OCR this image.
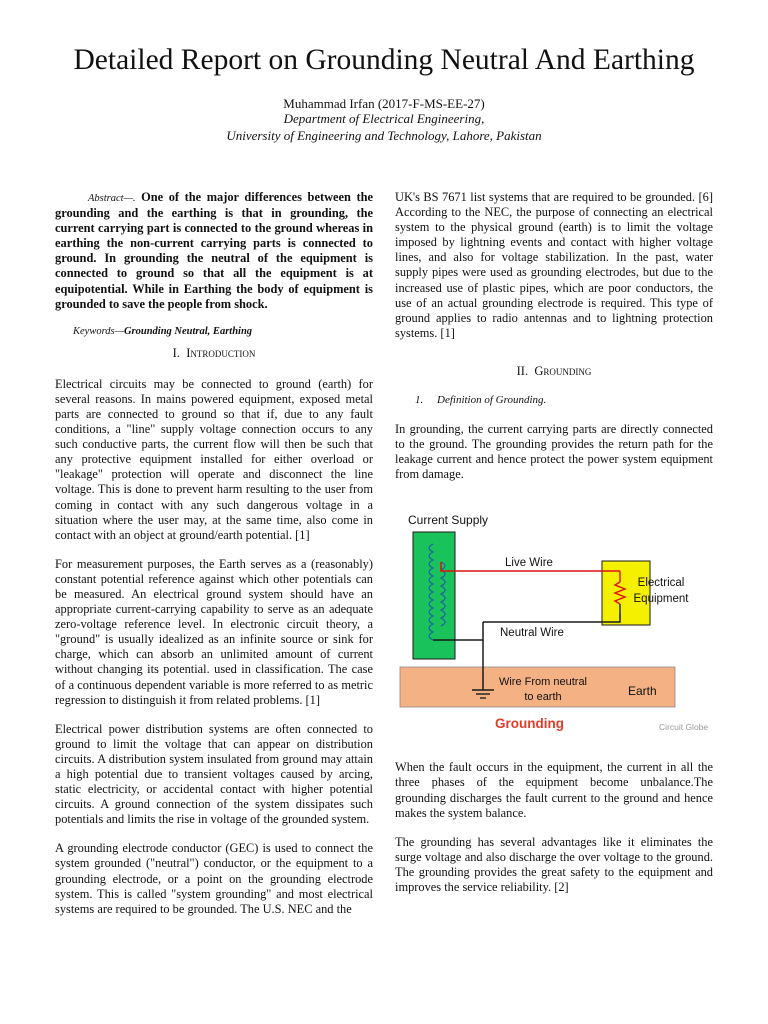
Detailed Report on Grounding Neutral And Earthing
Muhammad Irfan (2017-F-MS-EE-27)
Department of Electrical Engineering,
University of Engineering and Technology, Lahore, Pakistan

Abstract—. One of the major differences between the grounding and the earthing is that in grounding, the current carrying part is connected to the ground whereas in earthing the non-current carrying parts is connected to ground. In grounding the neutral of the equipment is connected to ground so that all the equipment is at equipotential. While in Earthing the body of equipment is grounded to save the people from shock.

Keywords—Grounding Neutral, Earthing

I. Introduction

Electrical circuits may be connected to ground (earth) for several reasons. In mains powered equipment, exposed metal parts are connected to ground so that if, due to any fault conditions, a "line" supply voltage connection occurs to any such conductive parts, the current flow will then be such that any protective equipment installed for either overload or "leakage" protection will operate and disconnect the line voltage. This is done to prevent harm resulting to the user from coming in contact with any such dangerous voltage in a situation where the user may, at the same time, also come in contact with an object at ground/earth potential. [1]

For measurement purposes, the Earth serves as a (reasonably) constant potential reference against which other potentials can be measured. An electrical ground system should have an appropriate current-carrying capability to serve as an adequate zero-voltage reference level. In electronic circuit theory, a "ground" is usually idealized as an infinite source or sink for charge, which can absorb an unlimited amount of current without changing its potential. used in classification. The case of a continuous dependent variable is more referred to as metric regression to distinguish it from related problems. [1]

Electrical power distribution systems are often connected to ground to limit the voltage that can appear on distribution circuits. A distribution system insulated from ground may attain a high potential due to transient voltages caused by arcing, static electricity, or accidental contact with higher potential circuits. A ground connection of the system dissipates such potentials and limits the rise in voltage of the grounded system.

A grounding electrode conductor (GEC) is used to connect the system grounded ("neutral") conductor, or the equipment to a grounding electrode, or a point on the grounding electrode system. This is called "system grounding" and most electrical systems are required to be grounded. The U.S. NEC and the

UK's BS 7671 list systems that are required to be grounded. [6] According to the NEC, the purpose of connecting an electrical system to the physical ground (earth) is to limit the voltage imposed by lightning events and contact with higher voltage lines, and also for voltage stabilization. In the past, water supply pipes were used as grounding electrodes, but due to the increased use of plastic pipes, which are poor conductors, the use of an actual grounding electrode is required. This type of ground applies to radio antennas and to lightning protection systems. [1]

II. Grounding

1. Definition of Grounding.

In grounding, the current carrying parts are directly connected to the ground. The grounding provides the return path for the leakage current and hence protect the power system equipment from damage.

Current Supply
Live Wire
Electrical
Equipment
Neutral Wire
Wire From neutral
to earth	Earth
Grounding	Circuit Globe

When the fault occurs in the equipment, the current in all the three phases of the equipment become unbalance.The grounding discharges the fault current to the ground and hence makes the system balance.

The grounding has several advantages like it eliminates the surge voltage and also discharge the over voltage to the ground. The grounding provides the great safety to the equipment and improves the service reliability. [2]
